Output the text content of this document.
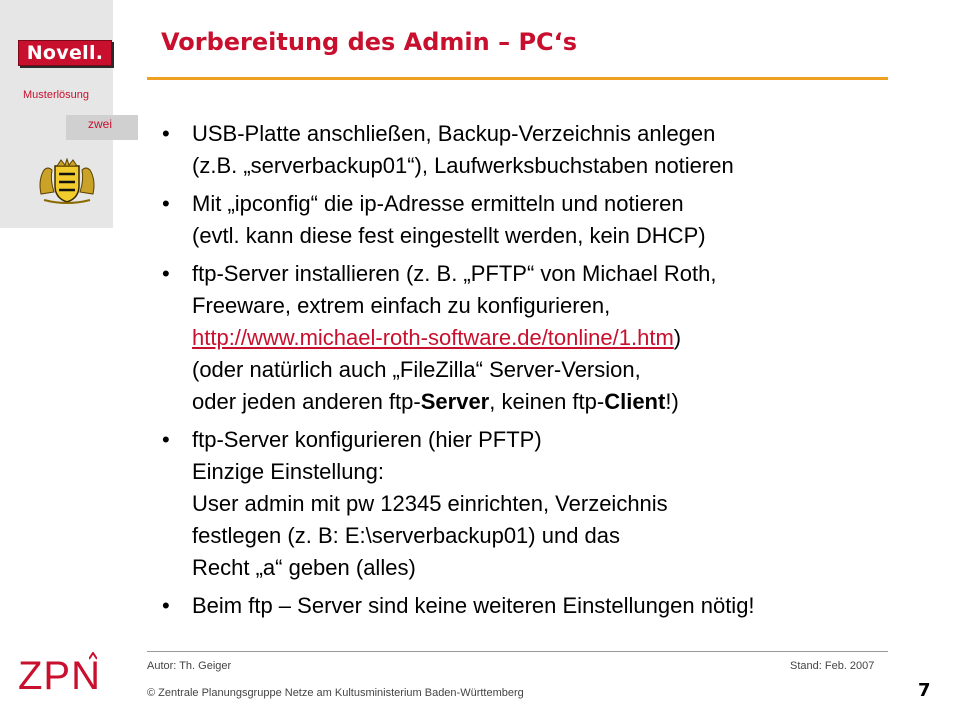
Novell.
Musterlösung
zwei
Vorbereitung des Admin – PC‘s
• USB-Platte anschließen, Backup-Verzeichnis anlegen
(z.B. „serverbackup01“), Laufwerksbuchstaben notieren
• Mit „ipconfig“ die ip-Adresse ermitteln und notieren
(evtl. kann diese fest eingestellt werden, kein DHCP)
• ftp-Server installieren (z. B. „PFTP“ von Michael Roth,
Freeware, extrem einfach zu konfigurieren,
http://www.michael-roth-software.de/tonline/1.htm)
(oder natürlich auch „FileZilla“ Server-Version,
oder jeden anderen ftp-Server, keinen ftp-Client!)
• ftp-Server konfigurieren (hier PFTP)
Einzige Einstellung:
User admin mit pw 12345 einrichten, Verzeichnis
festlegen (z. B: E:\serverbackup01) und das
Recht „a“ geben (alles)
• Beim ftp – Server sind keine weiteren Einstellungen nötig!
Autor: Th. Geiger	Stand: Feb. 2007
© Zentrale Planungsgruppe Netze am Kultusministerium Baden-Württemberg	7
ZPN
